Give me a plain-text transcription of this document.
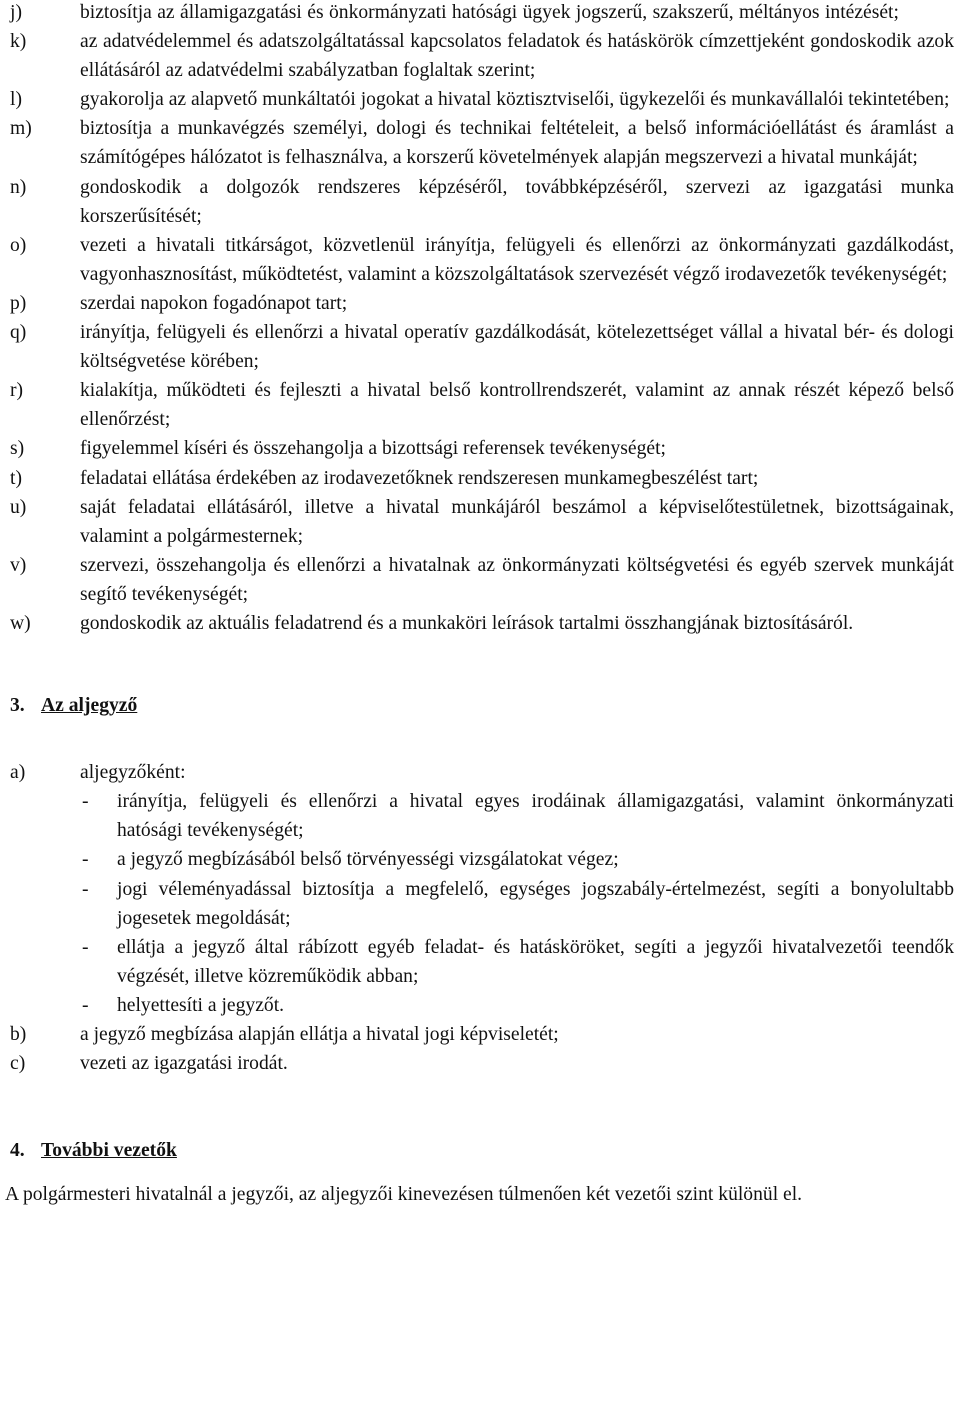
j)	biztosítja az államigazgatási és önkormányzati hatósági ügyek jogszerű, szakszerű, méltányos intézését;
k)	az adatvédelemmel és adatszolgáltatással kapcsolatos feladatok és hatáskörök címzettjeként gondoskodik azok ellátásáról az adatvédelmi szabályzatban foglaltak szerint;
l)	gyakorolja az alapvető munkáltatói jogokat a hivatal köztisztviselői, ügykezelői és munkavállalói tekintetében;
m) biztosítja a munkavégzés személyi, dologi és technikai feltételeit, a belső információellátást és áramlást a számítógépes hálózatot is felhasználva, a korszerű követelmények alapján megszervezi a hivatal munkáját;
n)	gondoskodik a dolgozók rendszeres képzéséről, továbbképzéséről, szervezi az igazgatási munka korszerűsítését;
o)	vezeti a hivatali titkárságot, közvetlenül irányítja, felügyeli és ellenőrzi az önkormányzati gazdálkodást, vagyonhasznosítást, működtetést, valamint a közszolgáltatások szervezését végző irodavezetők tevékenységét;
p)	szerdai napokon fogadónapot tart;
q)	irányítja, felügyeli és ellenőrzi a hivatal operatív gazdálkodását, kötelezettséget vállal a hivatal bér- és dologi költségvetése körében;
r)	kialakítja, működteti és fejleszti a hivatal belső kontrollrendszerét, valamint az annak részét képező belső ellenőrzést;
s)	figyelemmel kíséri és összehangolja a bizottsági referensek tevékenységét;
t)	feladatai ellátása érdekében az irodavezetőknek rendszeresen munkamegbeszélést tart;
u)	saját feladatai ellátásáról, illetve a hivatal munkájáról beszámol a képviselőtestületnek, bizottságainak, valamint a polgármesternek;
v)	szervezi, összehangolja és ellenőrzi a hivatalnak az önkormányzati költségvetési és egyéb szervek munkáját segítő tevékenységét;
w)	gondoskodik az aktuális feladatrend és a munkaköri leírások tartalmi összhangjának biztosításáról.
3. Az aljegyző
a)	aljegyzőként:
- irányítja, felügyeli és ellenőrzi a hivatal egyes irodáinak államigazgatási, valamint önkormányzati hatósági tevékenységét;
- a jegyző megbízásából belső törvényességi vizsgálatokat végez;
- jogi véleményadással biztosítja a megfelelő, egységes jogszabály-értelmezést, segíti a bonyolultabb jogesetek megoldását;
- ellátja a jegyző által rábízott egyéb feladat- és hatásköröket, segíti a jegyzői hivatalvezetői teendők végzését, illetve közreműködik abban;
- helyettesíti a jegyzőt.
b)	a jegyző megbízása alapján ellátja a hivatal jogi képviseletét;
c)	vezeti az igazgatási irodát.
4. További vezetők
A polgármesteri hivatalnál a jegyzői, az aljegyzői kinevezésen túlmenően két vezetői szint különül el.
